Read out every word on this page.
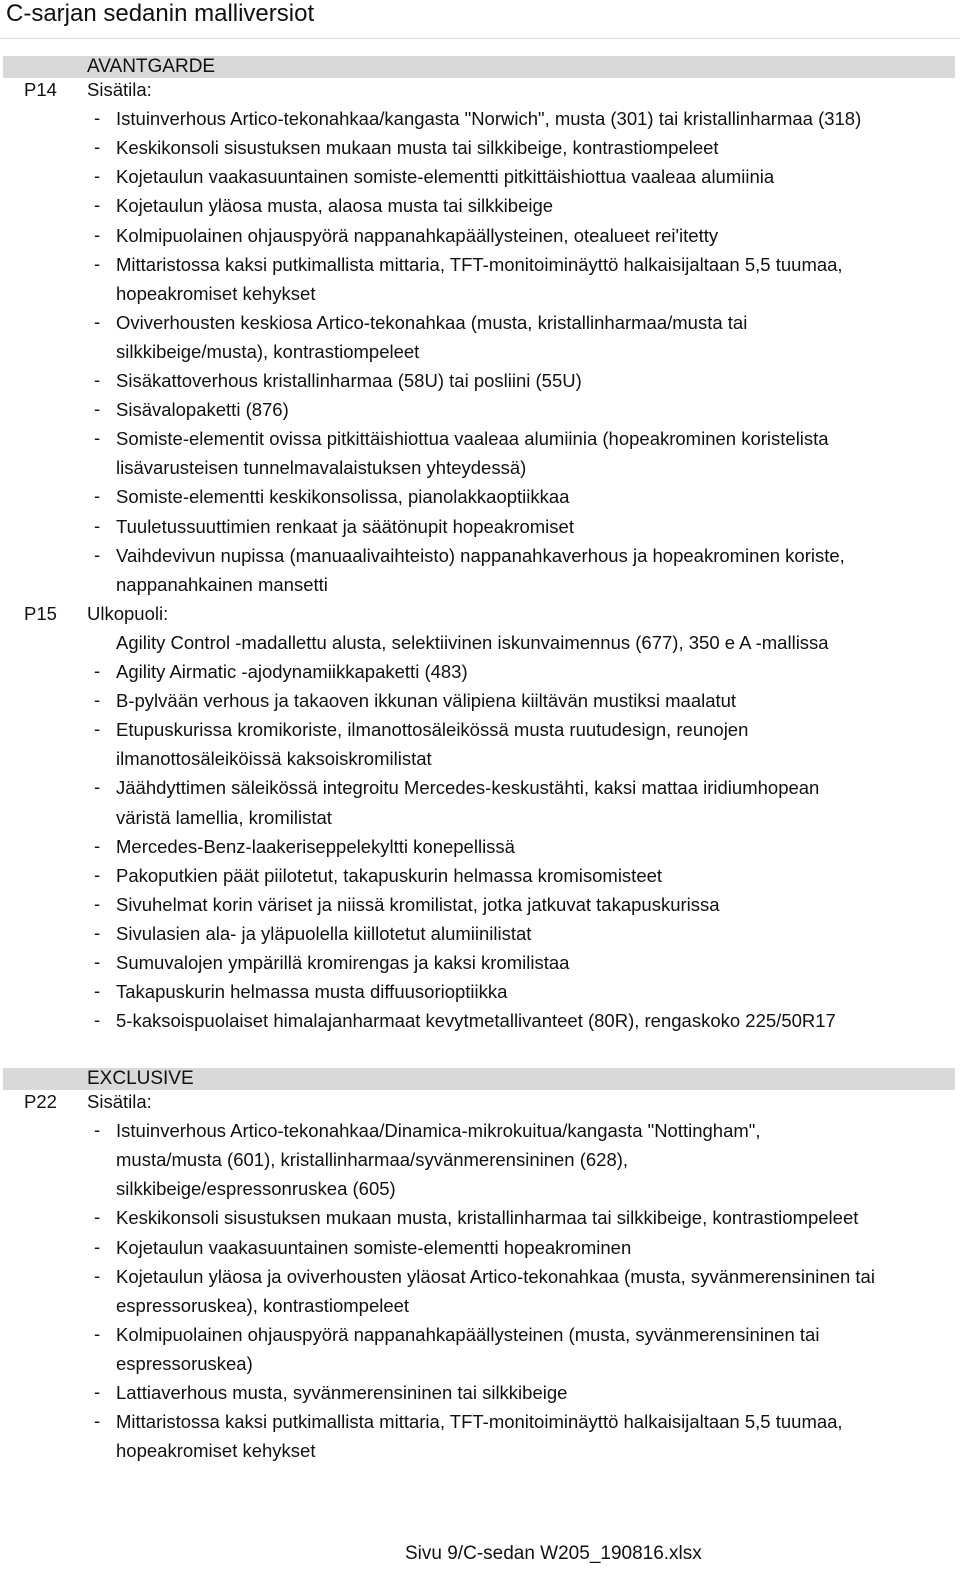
C-sarjan sedanin malliversiot
AVANTGARDE
P14 Sisätila:
- Istuinverhous Artico-tekonahkaa/kangasta "Norwich", musta (301) tai kristallinharmaa (318)
- Keskikonsoli sisustuksen mukaan musta tai silkkibeige, kontrastiompeleet
- Kojetaulun vaakasuuntainen somiste-elementti pitkittäishiottua vaaleaa alumiinia
- Kojetaulun yläosa musta, alaosa musta tai silkkibeige
- Kolmipuolainen ohjauspyörä nappanahkapäällysteinen, otealueet rei'itetty
- Mittaristossa kaksi putkimallista mittaria, TFT-monitoiminäyttö halkaisijaltaan 5,5 tuumaa,
hopeakromiset kehykset
- Oviverhousten keskiosa Artico-tekonahkaa (musta, kristallinharmaa/musta tai
silkkibeige/musta), kontrastiompeleet
- Sisäkattoverhous kristallinharmaa (58U) tai posliini (55U)
- Sisävalopaketti (876)
- Somiste-elementit ovissa pitkittäishiottua vaaleaa alumiinia (hopeakrominen koristelista
lisävarusteisen tunnelmavalaistuksen yhteydessä)
- Somiste-elementti keskikonsolissa, pianolakkaoptiikkaa
- Tuuletussuuttimien renkaat ja säätönupit hopeakromiset
- Vaihdevivun nupissa (manuaalivaihteisto) nappanahkaverhous ja hopeakrominen koriste,
nappanahkainen mansetti
P15 Ulkopuoli:
Agility Control -madallettu alusta, selektiivinen iskunvaimennus (677), 350 e A -mallissa
- Agility Airmatic -ajodynamiikkapaketti (483)
- B-pylvään verhous ja takaoven ikkunan välipiena kiiltävän mustiksi maalatut
- Etupuskurissa kromikoriste, ilmanottosäleikössä musta ruutudesign, reunojen
ilmanottosäleiköissä kaksoiskromilistat
- Jäähdyttimen säleikössä integroitu Mercedes-keskustähti, kaksi mattaa iridiumhopean
väristä lamellia, kromilistat
- Mercedes-Benz-laakeriseppelekyltti konepellissä
- Pakoputkien päät piilotetut, takapuskurin helmassa kromisomisteet
- Sivuhelmat korin väriset ja niissä kromilistat, jotka jatkuvat takapuskurissa
- Sivulasien ala- ja yläpuolella kiillotetut alumiinilistat
- Sumuvalojen ympärillä kromirengas ja kaksi kromilistaa
- Takapuskurin helmassa musta diffuusorioptiikka
- 5-kaksoispuolaiset himalajanharmaat kevytmetallivanteet (80R), rengaskoko 225/50R17
EXCLUSIVE
P22 Sisätila:
- Istuinverhous Artico-tekonahkaa/Dinamica-mikrokuitua/kangasta "Nottingham",
musta/musta (601), kristallinharmaa/syvänmerensininen (628),
silkkibeige/espressonruskea (605)
- Keskikonsoli sisustuksen mukaan musta, kristallinharmaa tai silkkibeige, kontrastiompeleet
- Kojetaulun vaakasuuntainen somiste-elementti hopeakrominen
- Kojetaulun yläosa ja oviverhousten yläosat Artico-tekonahkaa (musta, syvänmerensininen tai
espressoruskea), kontrastiompeleet
- Kolmipuolainen ohjauspyörä nappanahkapäällysteinen (musta, syvänmerensininen tai
espressoruskea)
- Lattiaverhous musta, syvänmerensininen tai silkkibeige
- Mittaristossa kaksi putkimallista mittaria, TFT-monitoiminäyttö halkaisijaltaan 5,5 tuumaa,
hopeakromiset kehykset
Sivu 9/C-sedan W205_190816.xlsx
